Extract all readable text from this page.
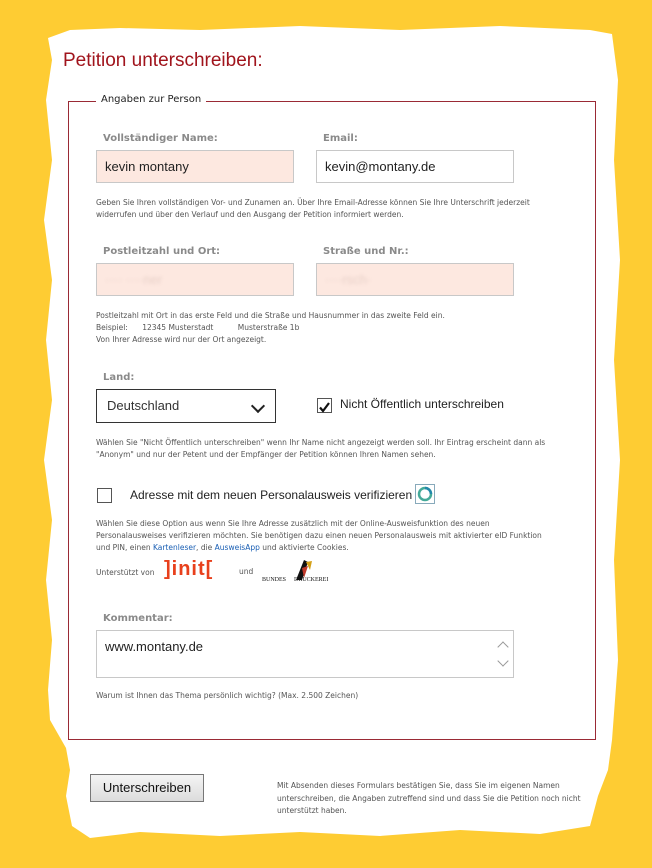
Petition unterschreiben:
Angaben zur Person
Vollständiger Name:
kevin montany
Email:
kevin@montany.de
Geben Sie Ihren vollständigen Vor- und Zunamen an. Über Ihre Email-Adresse können Sie Ihre Unterschrift jederzeit widerrufen und über den Verlauf und den Ausgang der Petition informiert werden.
Postleitzahl und Ort:
···· ····ner
Straße und Nr.:
····rsch·
Postleitzahl mit Ort in das erste Feld und die Straße und Hausnummer in das zweite Feld ein.
Beispiel: 12345 Musterstadt	Musterstraße 1b
Von Ihrer Adresse wird nur der Ort angezeigt.
Land:
Deutschland	Nicht Öffentlich unterschreiben
Wählen Sie "Nicht Öffentlich unterschreiben" wenn Ihr Name nicht angezeigt werden soll. Ihr Eintrag erscheint dann als "Anonym" und nur der Petent und der Empfänger der Petition können Ihren Namen sehen.
Adresse mit dem neuen Personalausweis verifizieren
Wählen Sie diese Option aus wenn Sie Ihre Adresse zusätzlich mit der Online-Ausweisfunktion des neuen Personalausweises verifizieren möchten. Sie benötigen dazu einen neuen Personalausweis mit aktivierter eID Funktion und PIN, einen Kartenleser, die AusweisApp und aktivierte Cookies.
Unterstützt von ]init[	und
BUNDES DRUCKEREI
Kommentar:
www.montany.de
Warum ist Ihnen das Thema persönlich wichtig? (Max. 2.500 Zeichen)
Unterschreiben	Mit Absenden dieses Formulars bestätigen Sie, dass Sie im eigenen Namen unterschreiben, die Angaben zutreffend sind und dass Sie die Petition noch nicht unterstützt haben.
